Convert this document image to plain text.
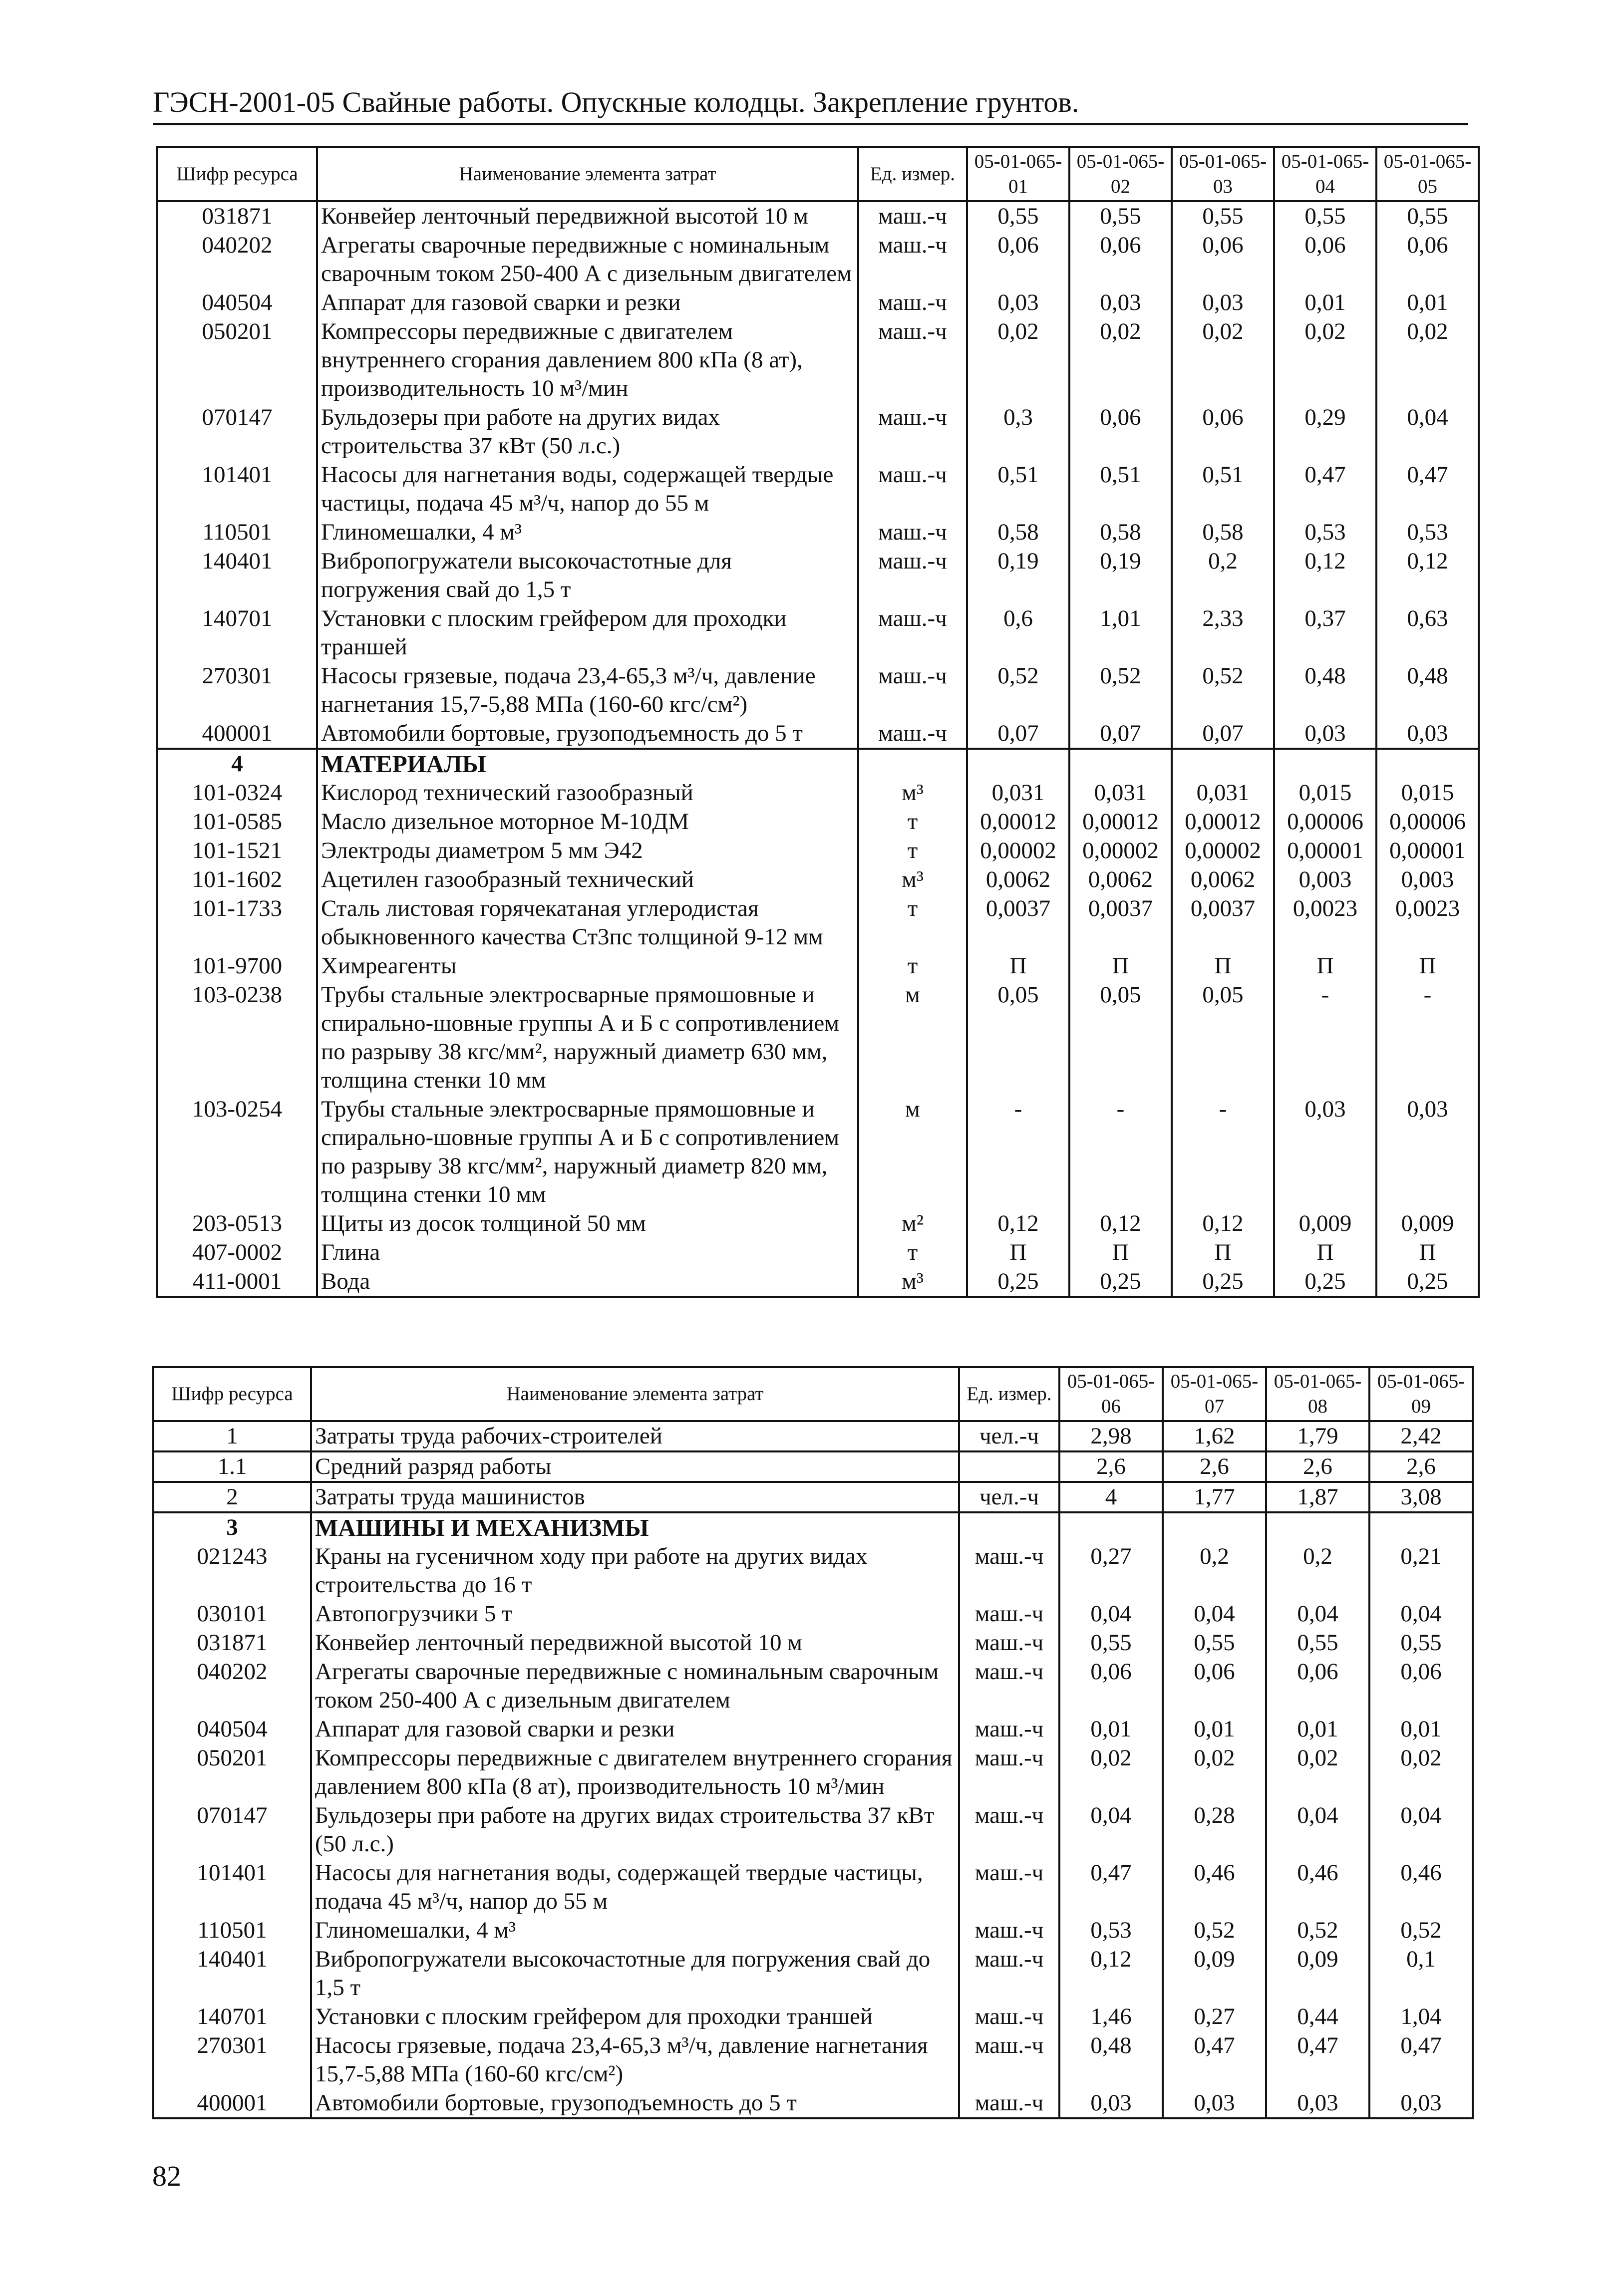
ГЭСН-2001-05 Свайные работы. Опускные колодцы. Закрепление грунтов.
Шифр ресурса	Наименование элемента затрат	Ед. измер.	05-01-065-01	05-01-065-02	05-01-065-03	05-01-065-04	05-01-065-05
031871	Конвейер ленточный передвижной высотой 10 м	маш.-ч	0,55	0,55	0,55	0,55	0,55
040202	Агрегаты сварочные передвижные с номинальным сварочным током 250-400 А с дизельным двигателем	маш.-ч	0,06	0,06	0,06	0,06	0,06
040504	Аппарат для газовой сварки и резки	маш.-ч	0,03	0,03	0,03	0,01	0,01
050201	Компрессоры передвижные с двигателем внутреннего сгорания давлением 800 кПа (8 ат), производительность 10 м³/мин	маш.-ч	0,02	0,02	0,02	0,02	0,02
070147	Бульдозеры при работе на других видах строительства 37 кВт (50 л.с.)	маш.-ч	0,3	0,06	0,06	0,29	0,04
101401	Насосы для нагнетания воды, содержащей твердые частицы, подача 45 м³/ч, напор до 55 м	маш.-ч	0,51	0,51	0,51	0,47	0,47
110501	Глиномешалки, 4 м³	маш.-ч	0,58	0,58	0,58	0,53	0,53
140401	Вибропогружатели высокочастотные для погружения свай до 1,5 т	маш.-ч	0,19	0,19	0,2	0,12	0,12
140701	Установки с плоским грейфером для проходки траншей	маш.-ч	0,6	1,01	2,33	0,37	0,63
270301	Насосы грязевые, подача 23,4-65,3 м³/ч, давление нагнетания 15,7-5,88 МПа (160-60 кгс/см²)	маш.-ч	0,52	0,52	0,52	0,48	0,48
400001	Автомобили бортовые, грузоподъемность до 5 т	маш.-ч	0,07	0,07	0,07	0,03	0,03
4	МАТЕРИАЛЫ						
101-0324	Кислород технический газообразный	м³	0,031	0,031	0,031	0,015	0,015
101-0585	Масло дизельное моторное М-10ДМ	т	0,00012	0,00012	0,00012	0,00006	0,00006
101-1521	Электроды диаметром 5 мм Э42	т	0,00002	0,00002	0,00002	0,00001	0,00001
101-1602	Ацетилен газообразный технический	м³	0,0062	0,0062	0,0062	0,003	0,003
101-1733	Сталь листовая горячекатаная углеродистая обыкновенного качества Ст3пс толщиной 9-12 мм	т	0,0037	0,0037	0,0037	0,0023	0,0023
101-9700	Химреагенты	т	П	П	П	П	П
103-0238	Трубы стальные электросварные прямошовные и спирально-шовные группы А и Б с сопротивлением по разрыву 38 кгс/мм², наружный диаметр 630 мм, толщина стенки 10 мм	м	0,05	0,05	0,05	-	-
103-0254	Трубы стальные электросварные прямошовные и спирально-шовные группы А и Б с сопротивлением по разрыву 38 кгс/мм², наружный диаметр 820 мм, толщина стенки 10 мм	м	-	-	-	0,03	0,03
203-0513	Щиты из досок толщиной 50 мм	м²	0,12	0,12	0,12	0,009	0,009
407-0002	Глина	т	П	П	П	П	П
411-0001	Вода	м³	0,25	0,25	0,25	0,25	0,25
Шифр ресурса	Наименование элемента затрат	Ед. измер.	05-01-065-06	05-01-065-07	05-01-065-08	05-01-065-09
1	Затраты труда рабочих-строителей	чел.-ч	2,98	1,62	1,79	2,42
1.1	Средний разряд работы		2,6	2,6	2,6	2,6
2	Затраты труда машинистов	чел.-ч	4	1,77	1,87	3,08
3	МАШИНЫ И МЕХАНИЗМЫ					
021243	Краны на гусеничном ходу при работе на других видах строительства до 16 т	маш.-ч	0,27	0,2	0,2	0,21
030101	Автопогрузчики 5 т	маш.-ч	0,04	0,04	0,04	0,04
031871	Конвейер ленточный передвижной высотой 10 м	маш.-ч	0,55	0,55	0,55	0,55
040202	Агрегаты сварочные передвижные с номинальным сварочным током 250-400 А с дизельным двигателем	маш.-ч	0,06	0,06	0,06	0,06
040504	Аппарат для газовой сварки и резки	маш.-ч	0,01	0,01	0,01	0,01
050201	Компрессоры передвижные с двигателем внутреннего сгорания давлением 800 кПа (8 ат), производительность 10 м³/мин	маш.-ч	0,02	0,02	0,02	0,02
070147	Бульдозеры при работе на других видах строительства 37 кВт (50 л.с.)	маш.-ч	0,04	0,28	0,04	0,04
101401	Насосы для нагнетания воды, содержащей твердые частицы, подача 45 м³/ч, напор до 55 м	маш.-ч	0,47	0,46	0,46	0,46
110501	Глиномешалки, 4 м³	маш.-ч	0,53	0,52	0,52	0,52
140401	Вибропогружатели высокочастотные для погружения свай до 1,5 т	маш.-ч	0,12	0,09	0,09	0,1
140701	Установки с плоским грейфером для проходки траншей	маш.-ч	1,46	0,27	0,44	1,04
270301	Насосы грязевые, подача 23,4-65,3 м³/ч, давление нагнетания 15,7-5,88 МПа (160-60 кгс/см²)	маш.-ч	0,48	0,47	0,47	0,47
400001	Автомобили бортовые, грузоподъемность до 5 т	маш.-ч	0,03	0,03	0,03	0,03
82
